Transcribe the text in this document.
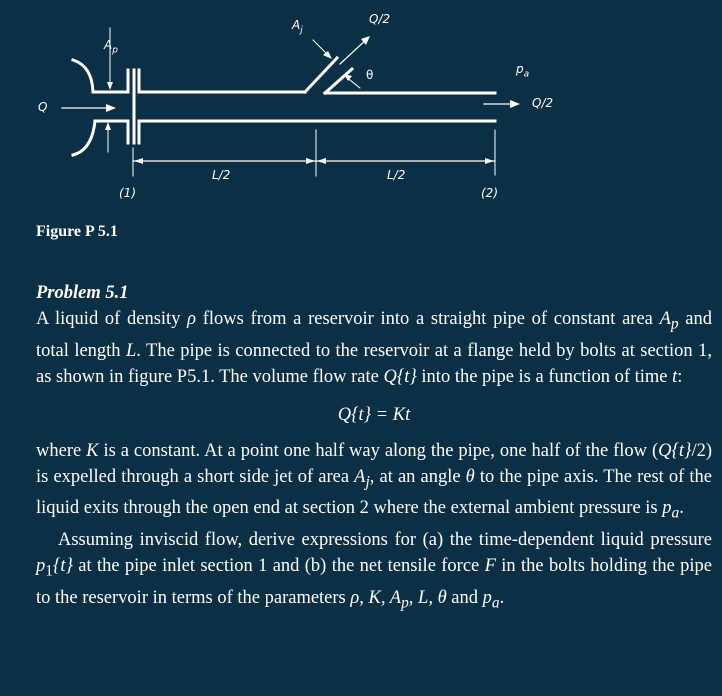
Q
$A_p$
$A_j$
Q/2
θ	$p_a$
Q/2
L/2	L/2
(1)	(2)
Figure P 5.1
Problem 5.1

A liquid of density ρ flows from a reservoir into a straight pipe of constant area $A_p$ and total length L. The pipe is connected to the reservoir at a flange held by bolts at section 1, as shown in figure P5.1. The volume flow rate Q{t} into the pipe is a function of time t:

Q{t} = Kt

where K is a constant. At a point one half way along the pipe, one half of the flow (Q{t}/2) is expelled through a short side jet of area $A_j$, at an angle θ to the pipe axis. The rest of the liquid exits through the open end at section 2 where the external ambient pressure is $p_a$.

Assuming inviscid flow, derive expressions for (a) the time-dependent liquid pressure $p_1\{t\}$ at the pipe inlet section 1 and (b) the net tensile force F in the bolts holding the pipe to the reservoir in terms of the parameters ρ, K, $A_p$, L, θ and $p_a$.
